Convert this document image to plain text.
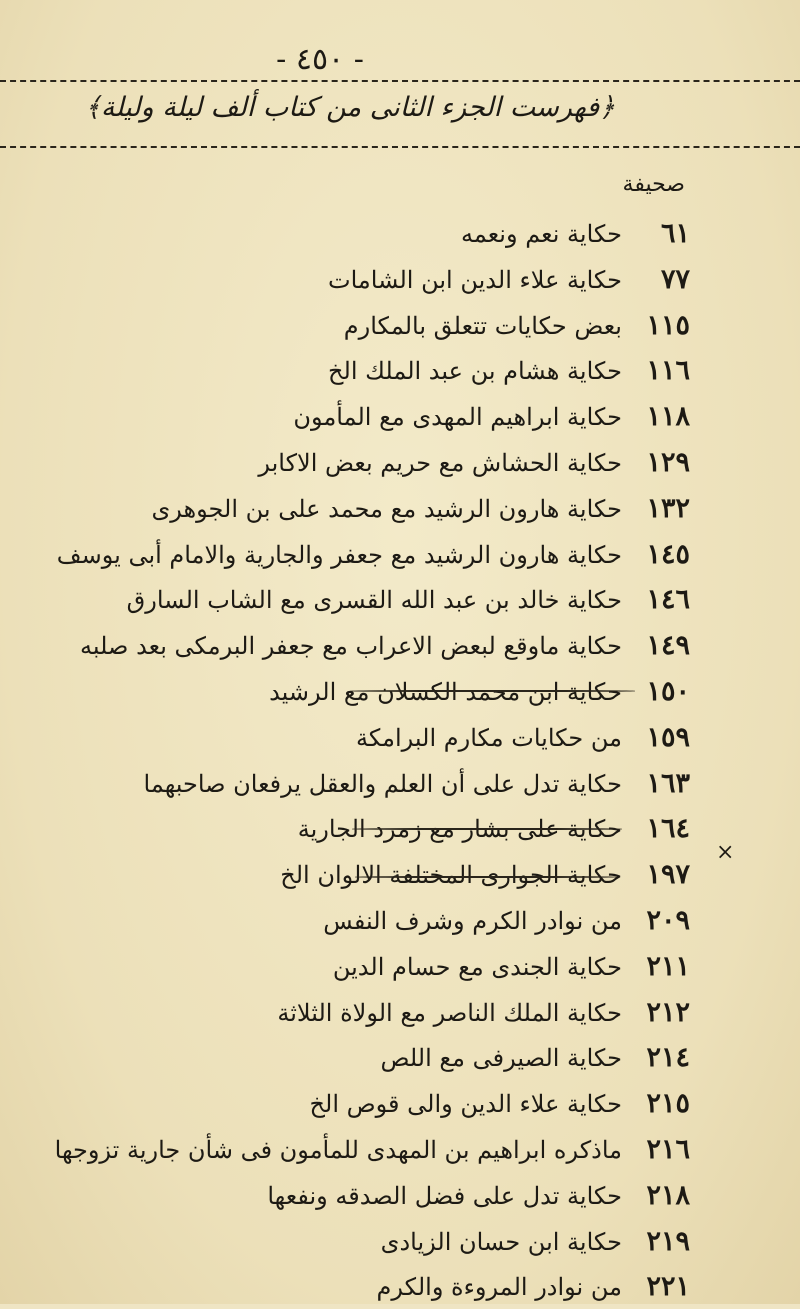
- ٤٥٠ -
﴿فهرست الجزء الثانى من كتاب ألف ليلة وليلة﴾
صحيفة
٦١
حكاية نعم ونعمه
٧٧
حكاية علاء الدين ابن الشامات
١١٥
بعض حكايات تتعلق بالمكارم
١١٦
حكاية هشام بن عبد الملك الخ
١١٨
حكاية ابراهيم المهدى مع المأمون
١٢٩
حكاية الحشاش مع حريم بعض الاكابر
١٣٢
حكاية هارون الرشيد مع محمد على بن الجوهرى
١٤٥
حكاية هارون الرشيد مع جعفر والجارية والامام أبى يوسف
١٤٦
حكاية خالد بن عبد الله القسرى مع الشاب السارق
١٤٩
حكاية ماوقع لبعض الاعراب مع جعفر البرمكى بعد صلبه
١٥٠
حكاية ابن محمد الكسلان مع الرشيد
١٥٩
من حكايات مكارم البرامكة
١٦٣
حكاية تدل على أن العلم والعقل يرفعان صاحبهما
١٦٤
حكاية على بشار مع زمرد الجارية
١٩٧
حكاية الجوارى المختلفة الالوان الخ
٢٠٩
من نوادر الكرم وشرف النفس
٢١١
حكاية الجندى مع حسام الدين
٢١٢
حكاية الملك الناصر مع الولاة الثلاثة
٢١٤
حكاية الصيرفى مع اللص
٢١٥
حكاية علاء الدين والى قوص الخ
٢١٦
ماذكره ابراهيم بن المهدى للمأمون فى شأن جارية تزوجها
٢١٨
حكاية تدل على فضل الصدقه ونفعها
٢١٩
حكاية ابن حسان الزيادى
٢٢١
من نوادر المروءة والكرم
×
